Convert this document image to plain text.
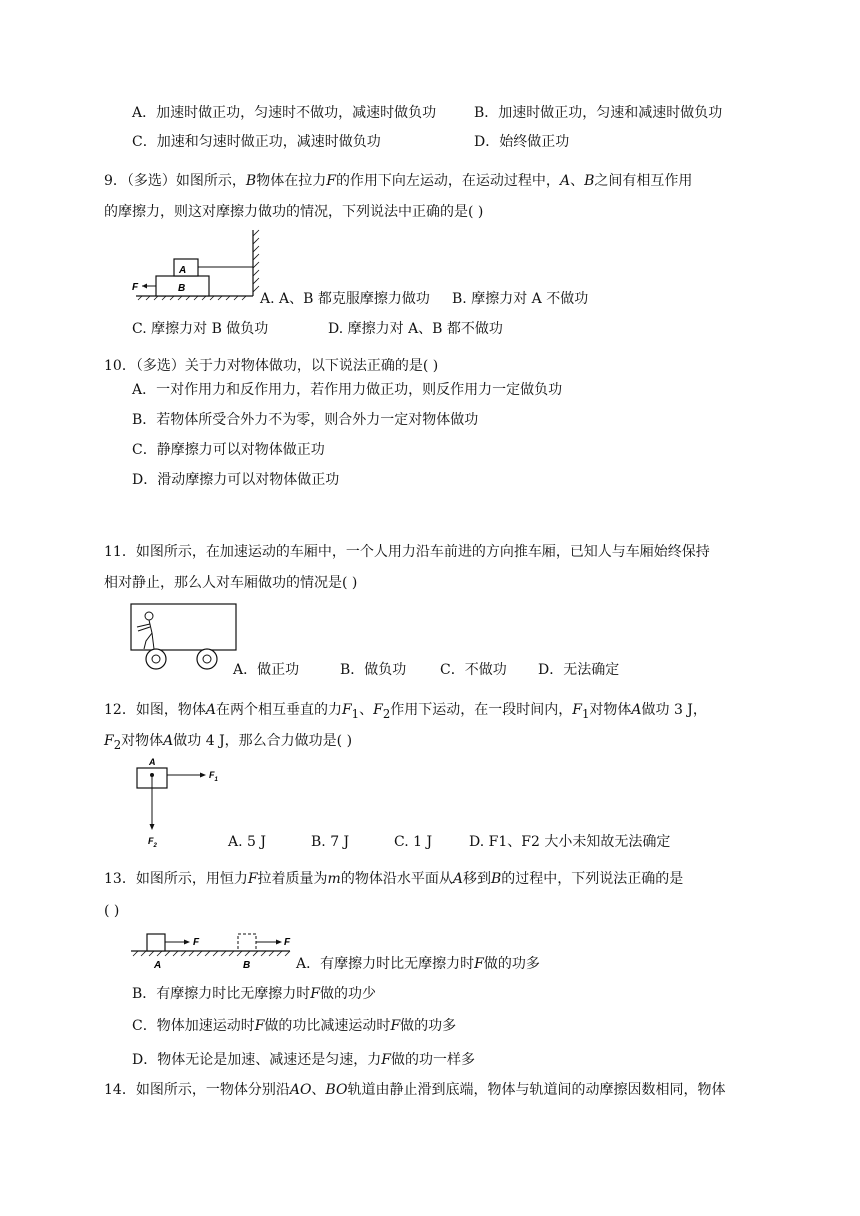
A．加速时做正功，匀速时不做功，减速时做负功	B．加速时做正功，匀速和减速时做负功
C．加速和匀速时做正功，减速时做负功	D．始终做正功
9．（多选）如图所示，B物体在拉力F的作用下向左运动，在运动过程中，A、B之间有相互作用
的摩擦力，则这对摩擦力做功的情况，下列说法中正确的是( )
F
A
B
A. A、B 都克服摩擦力做功 B. 摩擦力对 A 不做功
C. 摩擦力对 B 做负功	D. 摩擦力对 A、B 都不做功
10．（多选）关于力对物体做功，以下说法正确的是( )
A．一对作用力和反作用力，若作用力做正功，则反作用力一定做负功
B．若物体所受合外力不为零，则合外力一定对物体做功
C．静摩擦力可以对物体做正功
D．滑动摩擦力可以对物体做正功
11．如图所示，在加速运动的车厢中，一个人用力沿车前进的方向推车厢，已知人与车厢始终保持
相对静止，那么人对车厢做功的情况是( )
A．做正功	B．做负功 C．不做功 D．无法确定
12．如图，物体A在两个相互垂直的力$F_1$、$F_2$作用下运动，在一段时间内，$F_1$对物体A做功 3 J，
$F_2$对物体A做功 4 J，那么合力做功是( )
A
$F_1$
$F_2$	A. 5 J	B. 7 J	C. 1 J	D. F1、F2 大小未知故无法确定
13．如图所示，用恒力F拉着质量为m的物体沿水平面从A移到B的过程中，下列说法正确的是
( )
F	F
A	B	A．有摩擦力时比无摩擦力时F做的功多
B．有摩擦力时比无摩擦力时F做的功少
C．物体加速运动时F做的功比减速运动时F做的功多
D．物体无论是加速、减速还是匀速，力F做的功一样多
14．如图所示，一物体分别沿AO、BO轨道由静止滑到底端，物体与轨道间的动摩擦因数相同，物体
